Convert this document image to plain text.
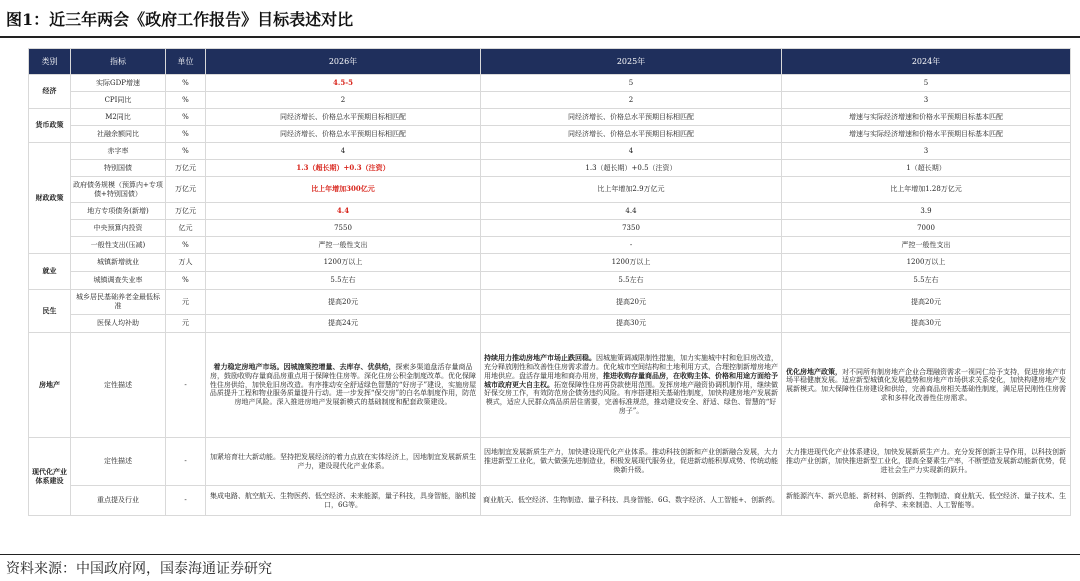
图1：近三年两会《政府工作报告》目标表述对比
类别	指标	单位	2026年	2025年	2024年
经济	实际GDP增速	%	4.5-5	5	5
	CPI同比	%	2	2	3
货币政策	M2同比	%	同经济增长、价格总水平预期目标相匹配	同经济增长、价格总水平预期目标相匹配	增速与实际经济增速和价格水平预期目标基本匹配
	社融余额同比	%	同经济增长、价格总水平预期目标相匹配	同经济增长、价格总水平预期目标相匹配	增速与实际经济增速和价格水平预期目标基本匹配
财政政策	赤字率	%	4	4	3
	特别国债	万亿元	1.3（超长期）+0.3（注资）	1.3（超长期）+0.5（注资）	1（超长期）
	政府债务规模（预算内+专项债+特别国债）	万亿元	比上年增加300亿元	比上年增加2.9万亿元	比上年增加1.28万亿元
	地方专项债务(新增)	万亿元	4.4	4.4	3.9
	中央预算内投资	亿元	7550	7350	7000
	一般性支出(压减)	%	严控一般性支出	-	严控一般性支出
就业	城镇新增就业	万人	1200万以上	1200万以上	1200万以上
	城镇调查失业率	%	5.5左右	5.5左右	5.5左右
民生	城乡居民基础养老金最低标准	元	提高20元	提高20元	提高20元
	医保人均补助	元	提高24元	提高30元	提高30元
房地产	定性描述	-	着力稳定房地产市场。因城施策控增量、去库存、优供给，探索多渠道盘活存量商品房，鼓励收购存量商品房重点用于保障性住房等。深化住房公积金制度改革。优化保障性住房供给，加快危旧房改造。有序推动安全舒适绿色智慧的“好房子”建设，实施房屋品质提升工程和物业服务质量提升行动。进一步发挥“保交房”的白名单制度作用，防范房地产风险。深入推进房地产发展新模式的基础制度和配套政策建设。	持续用力推动房地产市场止跌回稳。因城施策调减限制性措施，加力实施城中村和危旧房改造，充分释放刚性和改善性住房需求潜力。优化城市空间结构和土地利用方式，合理控制新增房地产用地供应。盘活存量用地和商办用房，推进收购存量商品房，在收购主体、价格和用途方面给予城市政府更大自主权。拓宽保障性住房再贷款使用范围。发挥房地产融资协调机制作用，继续做好保交房工作，有效防范房企债务违约风险。有序搭建相关基础性制度，加快构建房地产发展新模式，适应人民群众高品质居住需要，完善标准规范，推动建设安全、舒适、绿色、智慧的“好房子”。	优化房地产政策，对不同所有制房地产企业合理融资需求一视同仁给予支持，促进房地产市场平稳健康发展。适应新型城镇化发展趋势和房地产市场供求关系变化，加快构建房地产发展新模式。加大保障性住房建设和供给，完善商品房相关基础性制度，满足居民刚性住房需求和多样化改善性住房需求。
现代化产业体系建设	定性描述	-	加紧培育壮大新动能。坚持把发展经济的着力点放在实体经济上，因地制宜发展新质生产力，建设现代化产业体系。	因地制宜发展新质生产力，加快建设现代化产业体系。推动科技创新和产业创新融合发展，大力推进新型工业化，做大做强先进制造业，积极发展现代服务业，促进新动能积厚成势、传统动能焕新升级。	大力推进现代化产业体系建设，加快发展新质生产力。充分发挥创新主导作用，以科技创新推动产业创新，加快推进新型工业化，提高全要素生产率，不断塑造发展新动能新优势，促进社会生产力实现新的跃升。
	重点提及行业	-	集成电路、航空航天、生物医药、低空经济、未来能源，量子科技，具身智能，脑机接口，6G等。	商业航天、低空经济、生物制造、量子科技、具身智能、6G、数字经济、人工智能+、创新药。	新能源汽车、新兴息能、新材料、创新药、生物制造、商业航天、低空经济、量子技术、生命科学、未来制造、人工智能等。
资料来源：中国政府网，国泰海通证券研究
